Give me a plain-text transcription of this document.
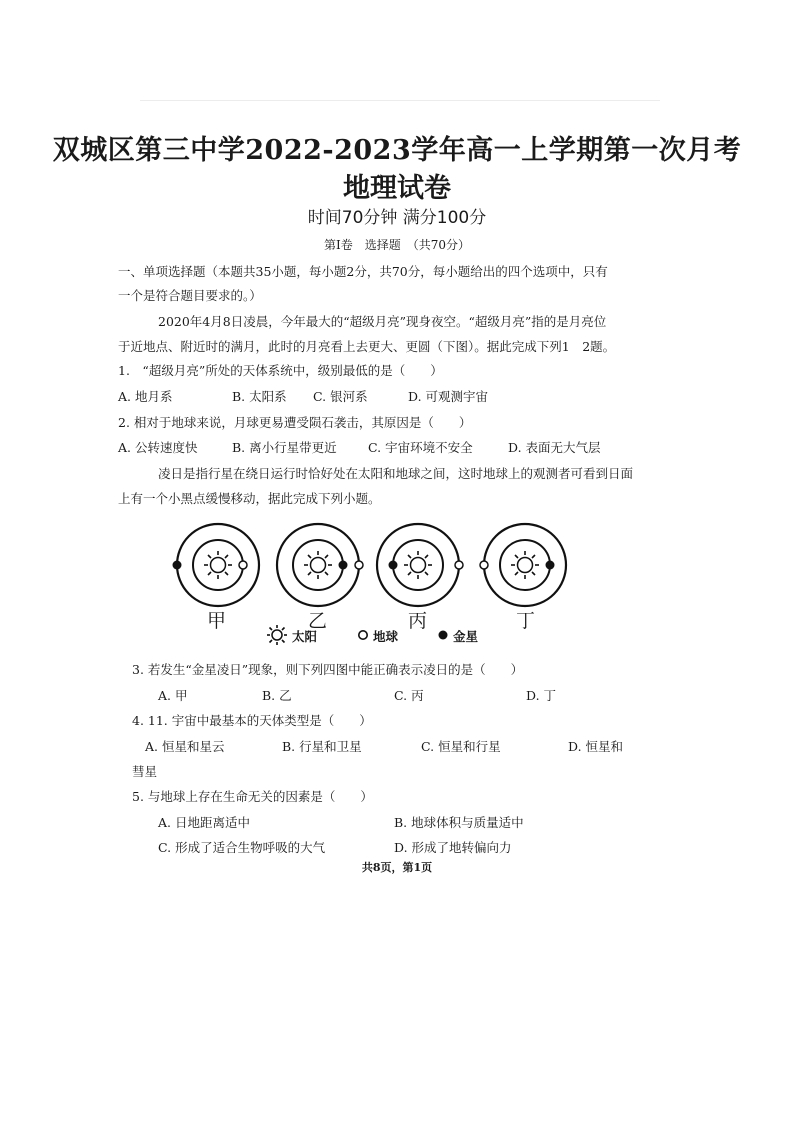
双城区第三中学2022-2023学年高一上学期第一次月考
地理试卷
时间70分钟 满分100分
第Ⅰ卷　选择题　（共70分）
一、单项选择题（本题共35小题，每小题2分，共70分，每小题给出的四个选项中，只有
一个是符合题目要求的。）
2020年4月8日凌晨，今年最大的“超级月亮”现身夜空。“超级月亮”指的是月亮位
于近地点、附近时的满月，此时的月亮看上去更大、更圆（下图）。据此完成下列1　2题。
1.　“超级月亮”所处的天体系统中，级别最低的是（　　）
A. 地月系	B. 太阳系 C. 银河系	D. 可观测宇宙
2. 相对于地球来说，月球更易遭受陨石袭击，其原因是（　　）
A. 公转速度快	B. 离小行星带更近	C. 宇宙环境不安全	D. 表面无大气层
凌日是指行星在绕日运行时恰好处在太阳和地球之间，这时地球上的观测者可看到日面
上有一个小黑点缓慢移动，据此完成下列小题。
甲	乙	丙	丁
太阳	地球	金星
3. 若发生“金星凌日”现象，则下列四图中能正确表示凌日的是（　　）
A. 甲	B. 乙	C. 丙	D. 丁
4. 11. 宇宙中最基本的天体类型是（　　）
A. 恒星和星云	B. 行星和卫星	C. 恒星和行星	D. 恒星和
彗星
5. 与地球上存在生命无关的因素是（　　）
A. 日地距离适中	B. 地球体积与质量适中
C. 形成了适合生物呼吸的大气	D. 形成了地转偏向力
共8页，第1页
